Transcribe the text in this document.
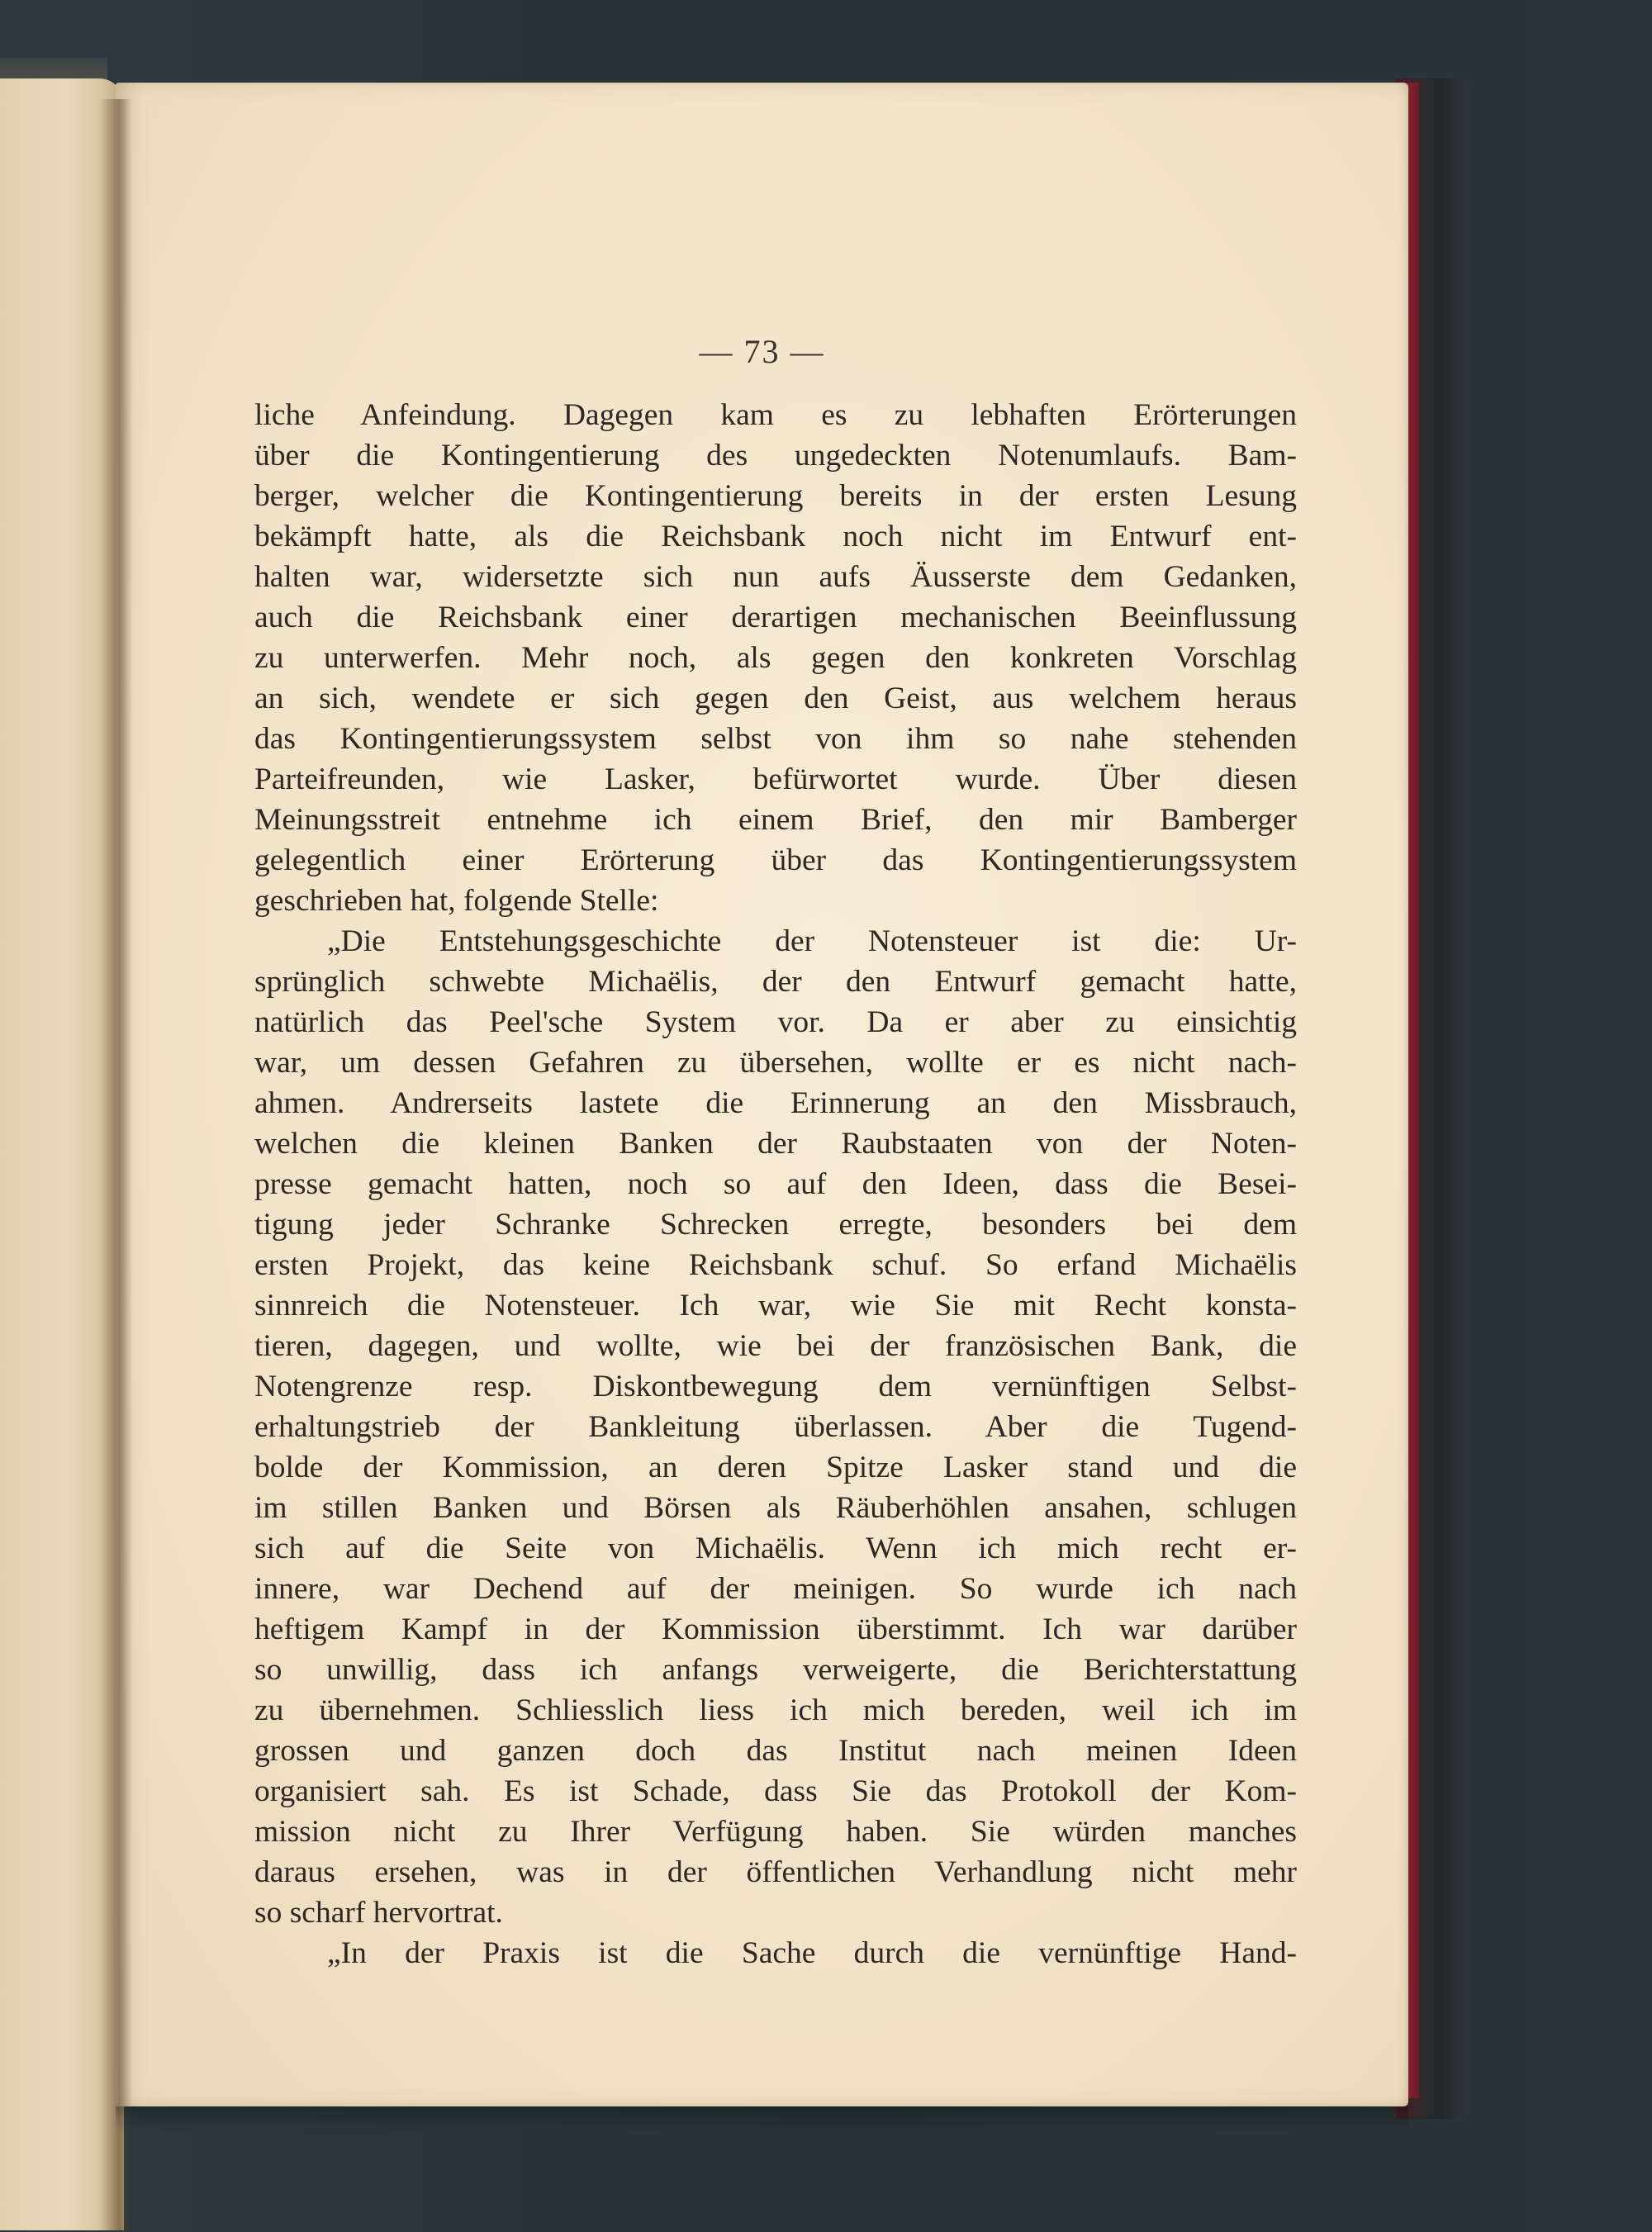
— 73 —
liche Anfeindung. Dagegen kam es zu lebhaften Erörterungen
über die Kontingentierung des ungedeckten Notenumlaufs. Bam-
berger, welcher die Kontingentierung bereits in der ersten Lesung
bekämpft hatte, als die Reichsbank noch nicht im Entwurf ent-
halten war, widersetzte sich nun aufs Äusserste dem Gedanken,
auch die Reichsbank einer derartigen mechanischen Beeinflussung
zu unterwerfen. Mehr noch, als gegen den konkreten Vorschlag
an sich, wendete er sich gegen den Geist, aus welchem heraus
das Kontingentierungssystem selbst von ihm so nahe stehenden
Parteifreunden, wie Lasker, befürwortet wurde. Über diesen
Meinungsstreit entnehme ich einem Brief, den mir Bamberger
gelegentlich einer Erörterung über das Kontingentierungssystem
geschrieben hat, folgende Stelle:
„Die Entstehungsgeschichte der Notensteuer ist die: Ur-
sprünglich schwebte Michaëlis, der den Entwurf gemacht hatte,
natürlich das Peel'sche System vor. Da er aber zu einsichtig
war, um dessen Gefahren zu übersehen, wollte er es nicht nach-
ahmen. Andrerseits lastete die Erinnerung an den Missbrauch,
welchen die kleinen Banken der Raubstaaten von der Noten-
presse gemacht hatten, noch so auf den Ideen, dass die Besei-
tigung jeder Schranke Schrecken erregte, besonders bei dem
ersten Projekt, das keine Reichsbank schuf. So erfand Michaëlis
sinnreich die Notensteuer. Ich war, wie Sie mit Recht konsta-
tieren, dagegen, und wollte, wie bei der französischen Bank, die
Notengrenze resp. Diskontbewegung dem vernünftigen Selbst-
erhaltungstrieb der Bankleitung überlassen. Aber die Tugend-
bolde der Kommission, an deren Spitze Lasker stand und die
im stillen Banken und Börsen als Räuberhöhlen ansahen, schlugen
sich auf die Seite von Michaëlis. Wenn ich mich recht er-
innere, war Dechend auf der meinigen. So wurde ich nach
heftigem Kampf in der Kommission überstimmt. Ich war darüber
so unwillig, dass ich anfangs verweigerte, die Berichterstattung
zu übernehmen. Schliesslich liess ich mich bereden, weil ich im
grossen und ganzen doch das Institut nach meinen Ideen
organisiert sah. Es ist Schade, dass Sie das Protokoll der Kom-
mission nicht zu Ihrer Verfügung haben. Sie würden manches
daraus ersehen, was in der öffentlichen Verhandlung nicht mehr
so scharf hervortrat.
„In der Praxis ist die Sache durch die vernünftige Hand-
